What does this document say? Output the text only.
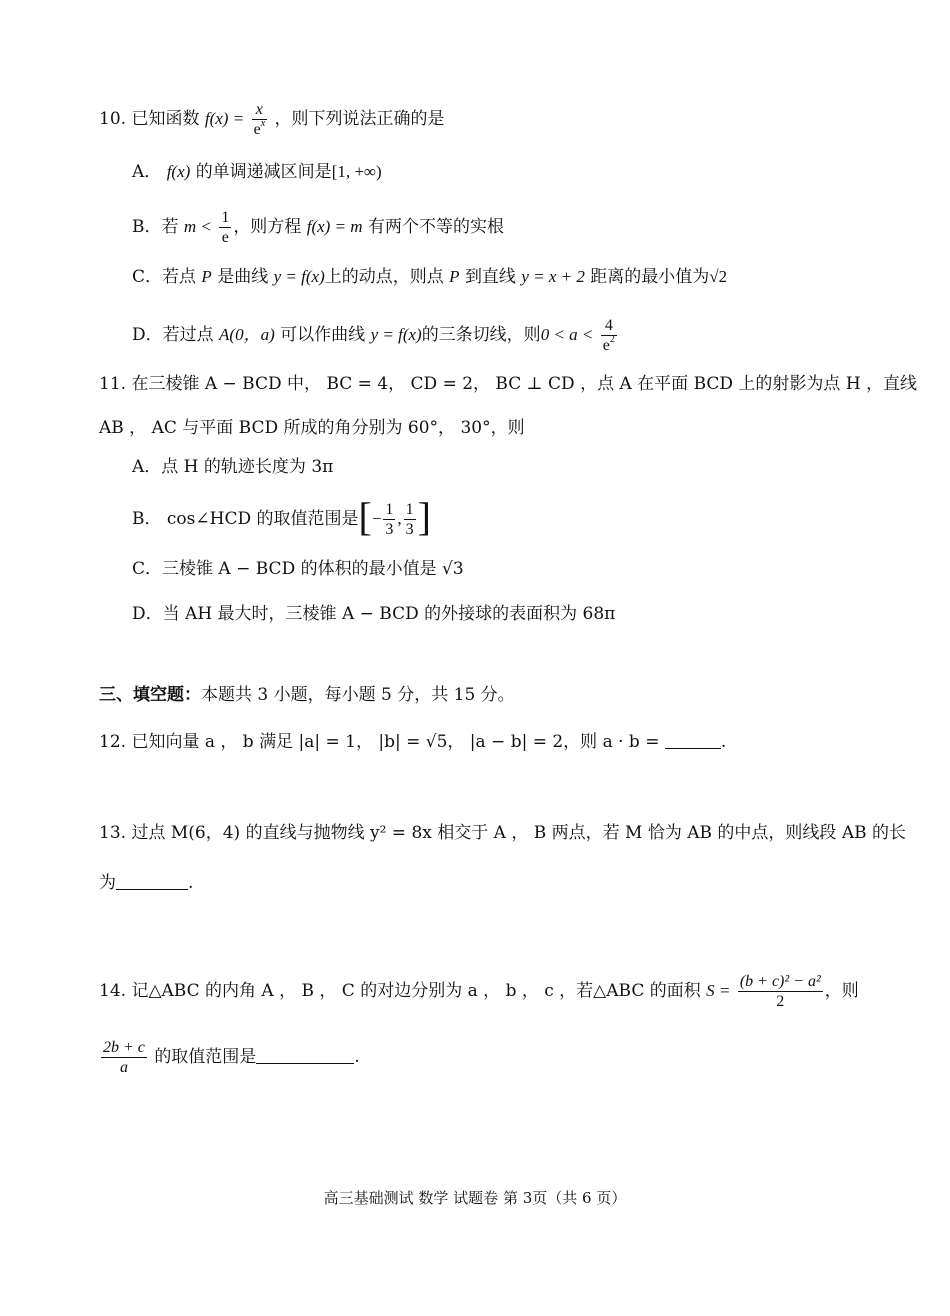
10. 已知函数 $f(x) = \frac{x}{e^x}$ ，则下列说法正确的是
A． f(x) 的单调递减区间是[1, +∞)
B．若 $m < \frac{1}{e}$ ，则方程 f(x) = m 有两个不等的实根
C．若点 P 是曲线 y = f(x)上的动点，则点 P 到直线 y = x + 2 距离的最小值为√2
D．若过点 A(0，a) 可以作曲线 y = f(x)的三条切线，则$0 < a < \frac{4}{e^2}$
11. 在三棱锥 A − BCD 中， BC = 4， CD = 2， BC ⊥ CD ，点 A 在平面 BCD 上的射影为点 H ，直线
AB ， AC 与平面 BCD 所成的角分别为 60°， 30°，则
A．点 H 的轨迹长度为 3π
B． cos∠HCD 的取值范围是[− $\frac{1}{3}$ , $\frac{1}{3}$ ]
C．三棱锥 A − BCD 的体积的最小值是 √3
D．当 AH 最大时，三棱锥 A − BCD 的外接球的表面积为 68π
三、填空题：本题共 3 小题，每小题 5 分，共 15 分。
12. 已知向量 a ， b 满足 |a| = 1， |b| = √5， |a − b| = 2，则 a · b =	.
13. 过点 M(6，4) 的直线与抛物线 y² = 8x 相交于 A ， B 两点，若 M 恰为 AB 的中点，则线段 AB 的长
为	.
14. 记△ABC 的内角 A ， B ， C 的对边分别为 a ， b ， c ，若△ABC 的面积 $S = \frac{\text{(b + c)² − a²}}{2}$ ，则
$\frac{2b + c}{a}$ 的取值范围是	.
高三基础测试 数学 试题卷 第 3页（共 6 页）
